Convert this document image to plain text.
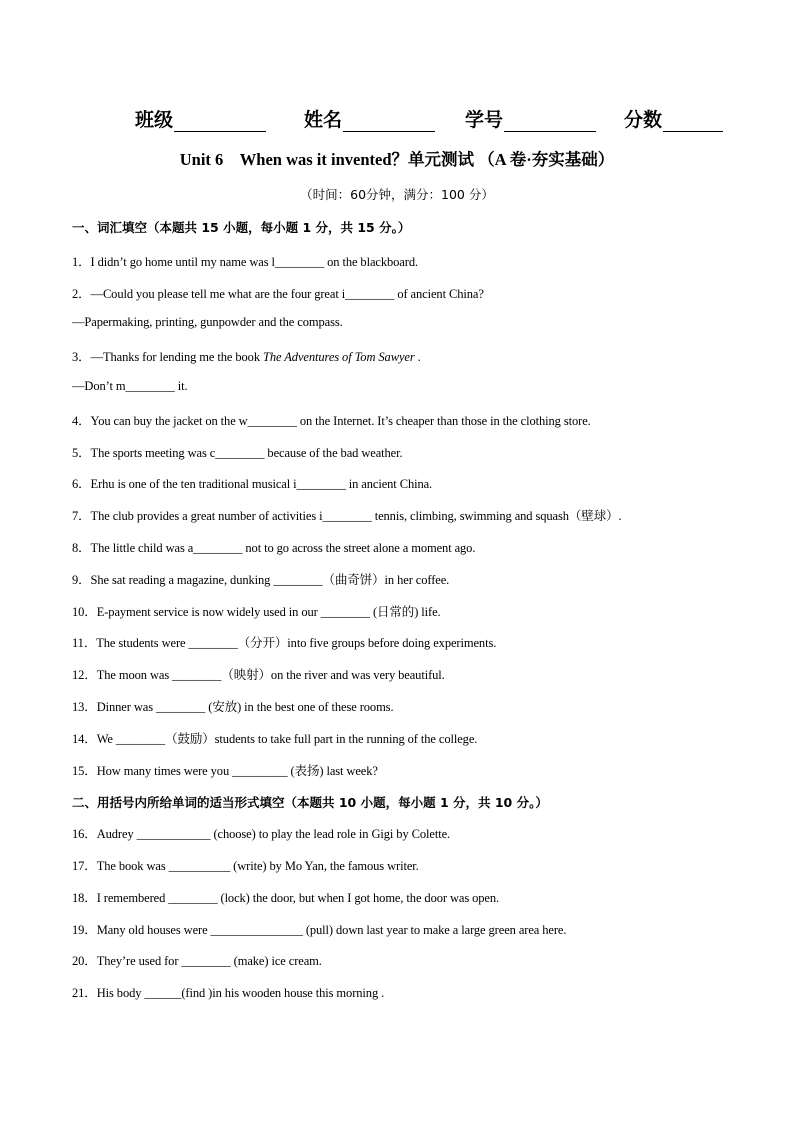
班级	姓名	学号	分数
Unit 6　When was it invented？单元测试 （A 卷·夯实基础）
（时间：60分钟，满分：100 分）
一、词汇填空（本题共 15 小题，每小题 1 分，共 15 分。）
1．I didn’t go home until my name was l________ on the blackboard.
2．—Could you please tell me what are the four great i________ of ancient China?
—Papermaking, printing, gunpowder and the compass.
3．—Thanks for lending me the book The Adventures of Tom Sawyer .
—Don’t m________ it.
4．You can buy the jacket on the w________ on the Internet. It’s cheaper than those in the clothing store.
5．The sports meeting was c________ because of the bad weather.
6．Erhu is one of the ten traditional musical i________ in ancient China.
7．The club provides a great number of activities i________ tennis, climbing, swimming and squash（壁球）.
8．The little child was a________ not to go across the street alone a moment ago.
9．She sat reading a magazine, dunking ________（曲奇饼）in her coffee.
10．E-payment service is now widely used in our ________ (日常的) life.
11．The students were ________（分开）into five groups before doing experiments.
12．The moon was ________（映射）on the river and was very beautiful.
13．Dinner was ________ (安放) in the best one of these rooms.
14．We ________（鼓励）students to take full part in the running of the college.
15．How many times were you _________ (表扬) last week?
二、用括号内所给单词的适当形式填空（本题共 10 小题，每小题 1 分，共 10 分。）
16．Audrey ____________ (choose) to play the lead role in Gigi by Colette.
17．The book was __________ (write) by Mo Yan, the famous writer.
18．I remembered ________ (lock) the door, but when I got home, the door was open.
19．Many old houses were _______________ (pull) down last year to make a large green area here.
20．They’re used for ________ (make) ice cream.
21．His body ______(find )in his wooden house this morning .
